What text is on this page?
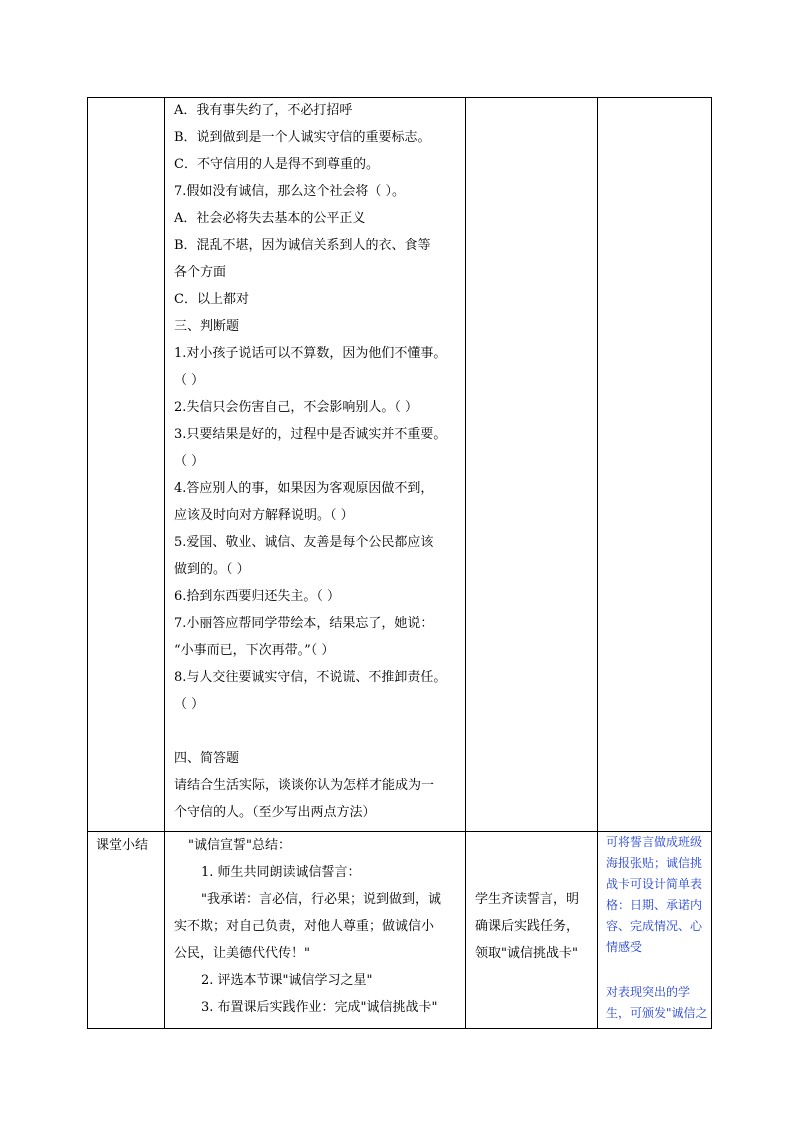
A．我有事失约了，不必打招呼
B．说到做到是一个人诚实守信的重要标志。
C．不守信用的人是得不到尊重的。
7.假如没有诚信，那么这个社会将（ ）。
A．社会必将失去基本的公平正义
B．混乱不堪，因为诚信关系到人的衣、食等
各个方面
C．以上都对
三、判断题
1.对小孩子说话可以不算数，因为他们不懂事。
（ ）
2.失信只会伤害自己，不会影响别人。（ ）
3.只要结果是好的，过程中是否诚实并不重要。
（ ）
4.答应别人的事，如果因为客观原因做不到，
应该及时向对方解释说明。（ ）
5.爱国、敬业、诚信、友善是每个公民都应该
做到的。（ ）
6.拾到东西要归还失主。（ ）
7.小丽答应帮同学带绘本，结果忘了，她说：
“小事而已，下次再带。”（ ）
8.与人交往要诚实守信，不说谎、不推卸责任。
（ ）
四、简答题
请结合生活实际，谈谈你认为怎样才能成为一
个守信的人。（至少写出两点方法）
课堂小结	"诚信宣誓"总结：
1. 师生共同朗读诚信誓言：
"我承诺：言必信，行必果；说到做到，诚
实不欺；对自己负责，对他人尊重；做诚信小
公民，让美德代代传！"
2. 评选本节课"诚信学习之星"
3. 布置课后实践作业：完成"诚信挑战卡"
学生齐读誓言，明
确课后实践任务，
领取"诚信挑战卡"
可将誓言做成班级
海报张贴；诚信挑
战卡可设计简单表
格：日期、承诺内
容、完成情况、心
情感受
对表现突出的学
生，可颁发"诚信之
